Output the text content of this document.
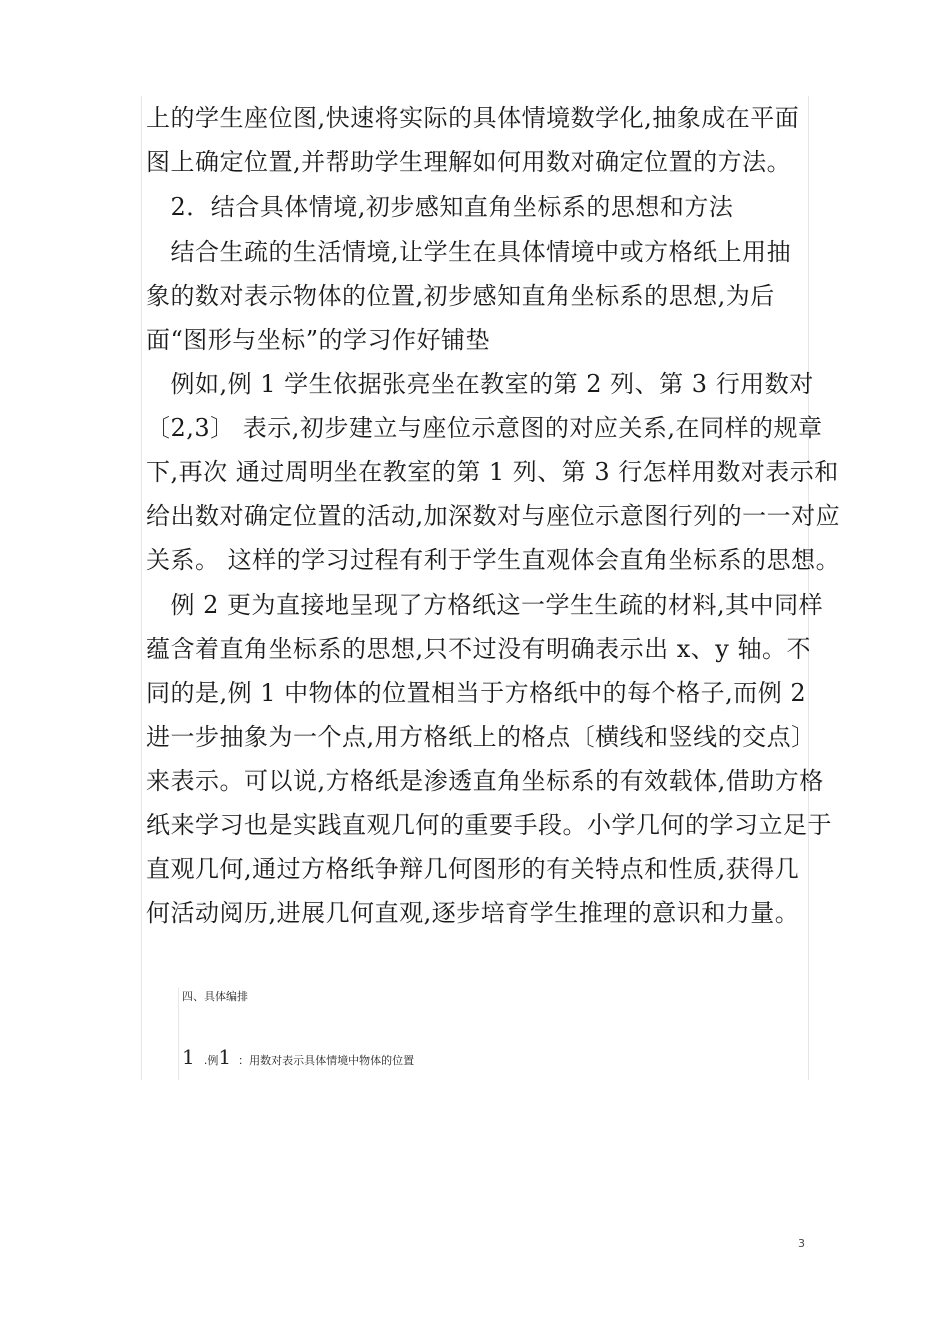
上的学生座位图,快速将实际的具体情境数学化,抽象成在平面
图上确定位置,并帮助学生理解如何用数对确定位置的方法。
　2．结合具体情境,初步感知直角坐标系的思想和方法
　结合生疏的生活情境,让学生在具体情境中或方格纸上用抽
象的数对表示物体的位置,初步感知直角坐标系的思想,为后
面“图形与坐标”的学习作好铺垫
　例如,例 1 学生依据张亮坐在教室的第 2 列、第 3 行用数对
〔2,3〕 表示,初步建立与座位示意图的对应关系,在同样的规章
下,再次 通过周明坐在教室的第 1 列、第 3 行怎样用数对表示和
给出数对确定位置的活动,加深数对与座位示意图行列的一一对应
关系。 这样的学习过程有利于学生直观体会直角坐标系的思想。
　例 2 更为直接地呈现了方格纸这一学生生疏的材料,其中同样
蕴含着直角坐标系的思想,只不过没有明确表示出 x、y 轴。不
同的是,例 1 中物体的位置相当于方格纸中的每个格子,而例 2
进一步抽象为一个点,用方格纸上的格点〔横线和竖线的交点〕
来表示。可以说,方格纸是渗透直角坐标系的有效载体,借助方格
纸来学习也是实践直观几何的重要手段。小学几何的学习立足于
直观几何,通过方格纸争辩几何图形的有关特点和性质,获得几
何活动阅历,进展几何直观,逐步培育学生推理的意识和力量。
四、具体编排
1 .例1 ：用数对表示具体情境中物体的位置
3
